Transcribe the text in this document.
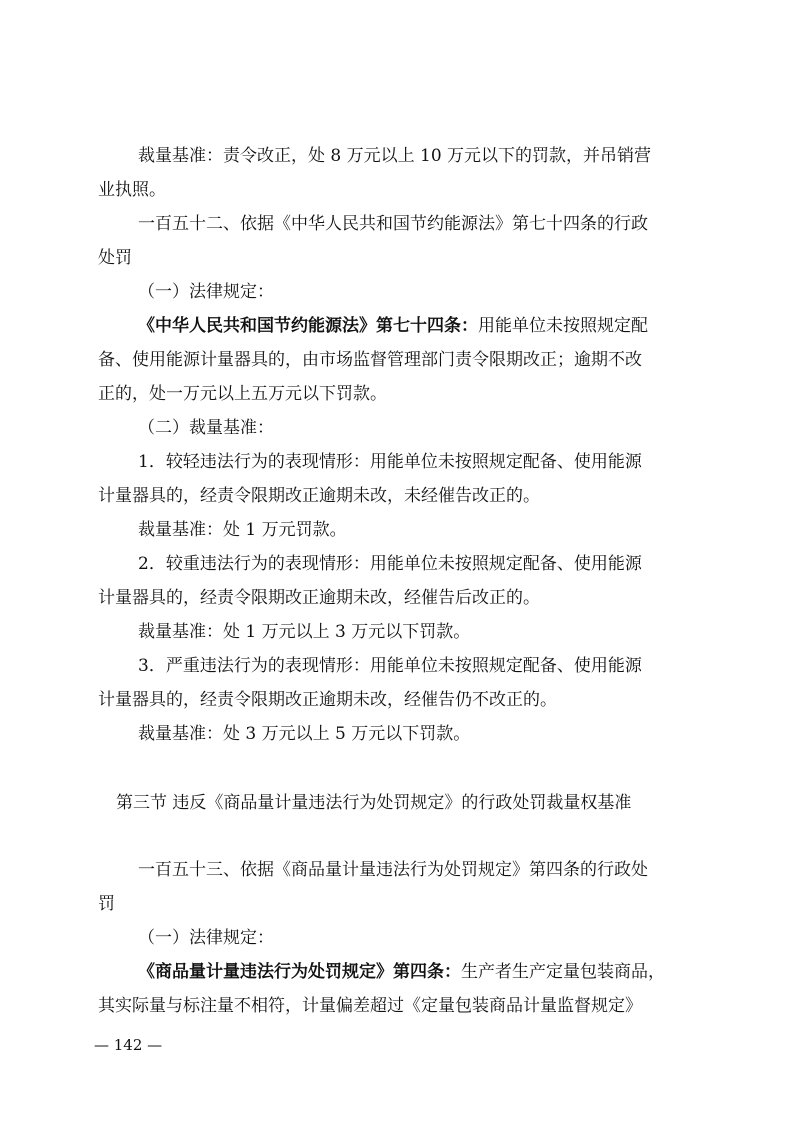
裁量基准：责令改正，处 8 万元以上 10 万元以下的罚款，并吊销营
业执照。
一百五十二、依据《中华人民共和国节约能源法》第七十四条的行政
处罚
（一）法律规定：
《中华人民共和国节约能源法》第七十四条：用能单位未按照规定配
备、使用能源计量器具的，由市场监督管理部门责令限期改正；逾期不改
正的，处一万元以上五万元以下罚款。
（二）裁量基准：
1．较轻违法行为的表现情形：用能单位未按照规定配备、使用能源
计量器具的，经责令限期改正逾期未改，未经催告改正的。
裁量基准：处 1 万元罚款。
2．较重违法行为的表现情形：用能单位未按照规定配备、使用能源
计量器具的，经责令限期改正逾期未改，经催告后改正的。
裁量基准：处 1 万元以上 3 万元以下罚款。
3．严重违法行为的表现情形：用能单位未按照规定配备、使用能源
计量器具的，经责令限期改正逾期未改，经催告仍不改正的。
裁量基准：处 3 万元以上 5 万元以下罚款。
第三节 违反《商品量计量违法行为处罚规定》的行政处罚裁量权基准
一百五十三、依据《商品量计量违法行为处罚规定》第四条的行政处
罚
（一）法律规定：
《商品量计量违法行为处罚规定》第四条：生产者生产定量包装商品，
其实际量与标注量不相符，计量偏差超过《定量包装商品计量监督规定》
— 142 —
